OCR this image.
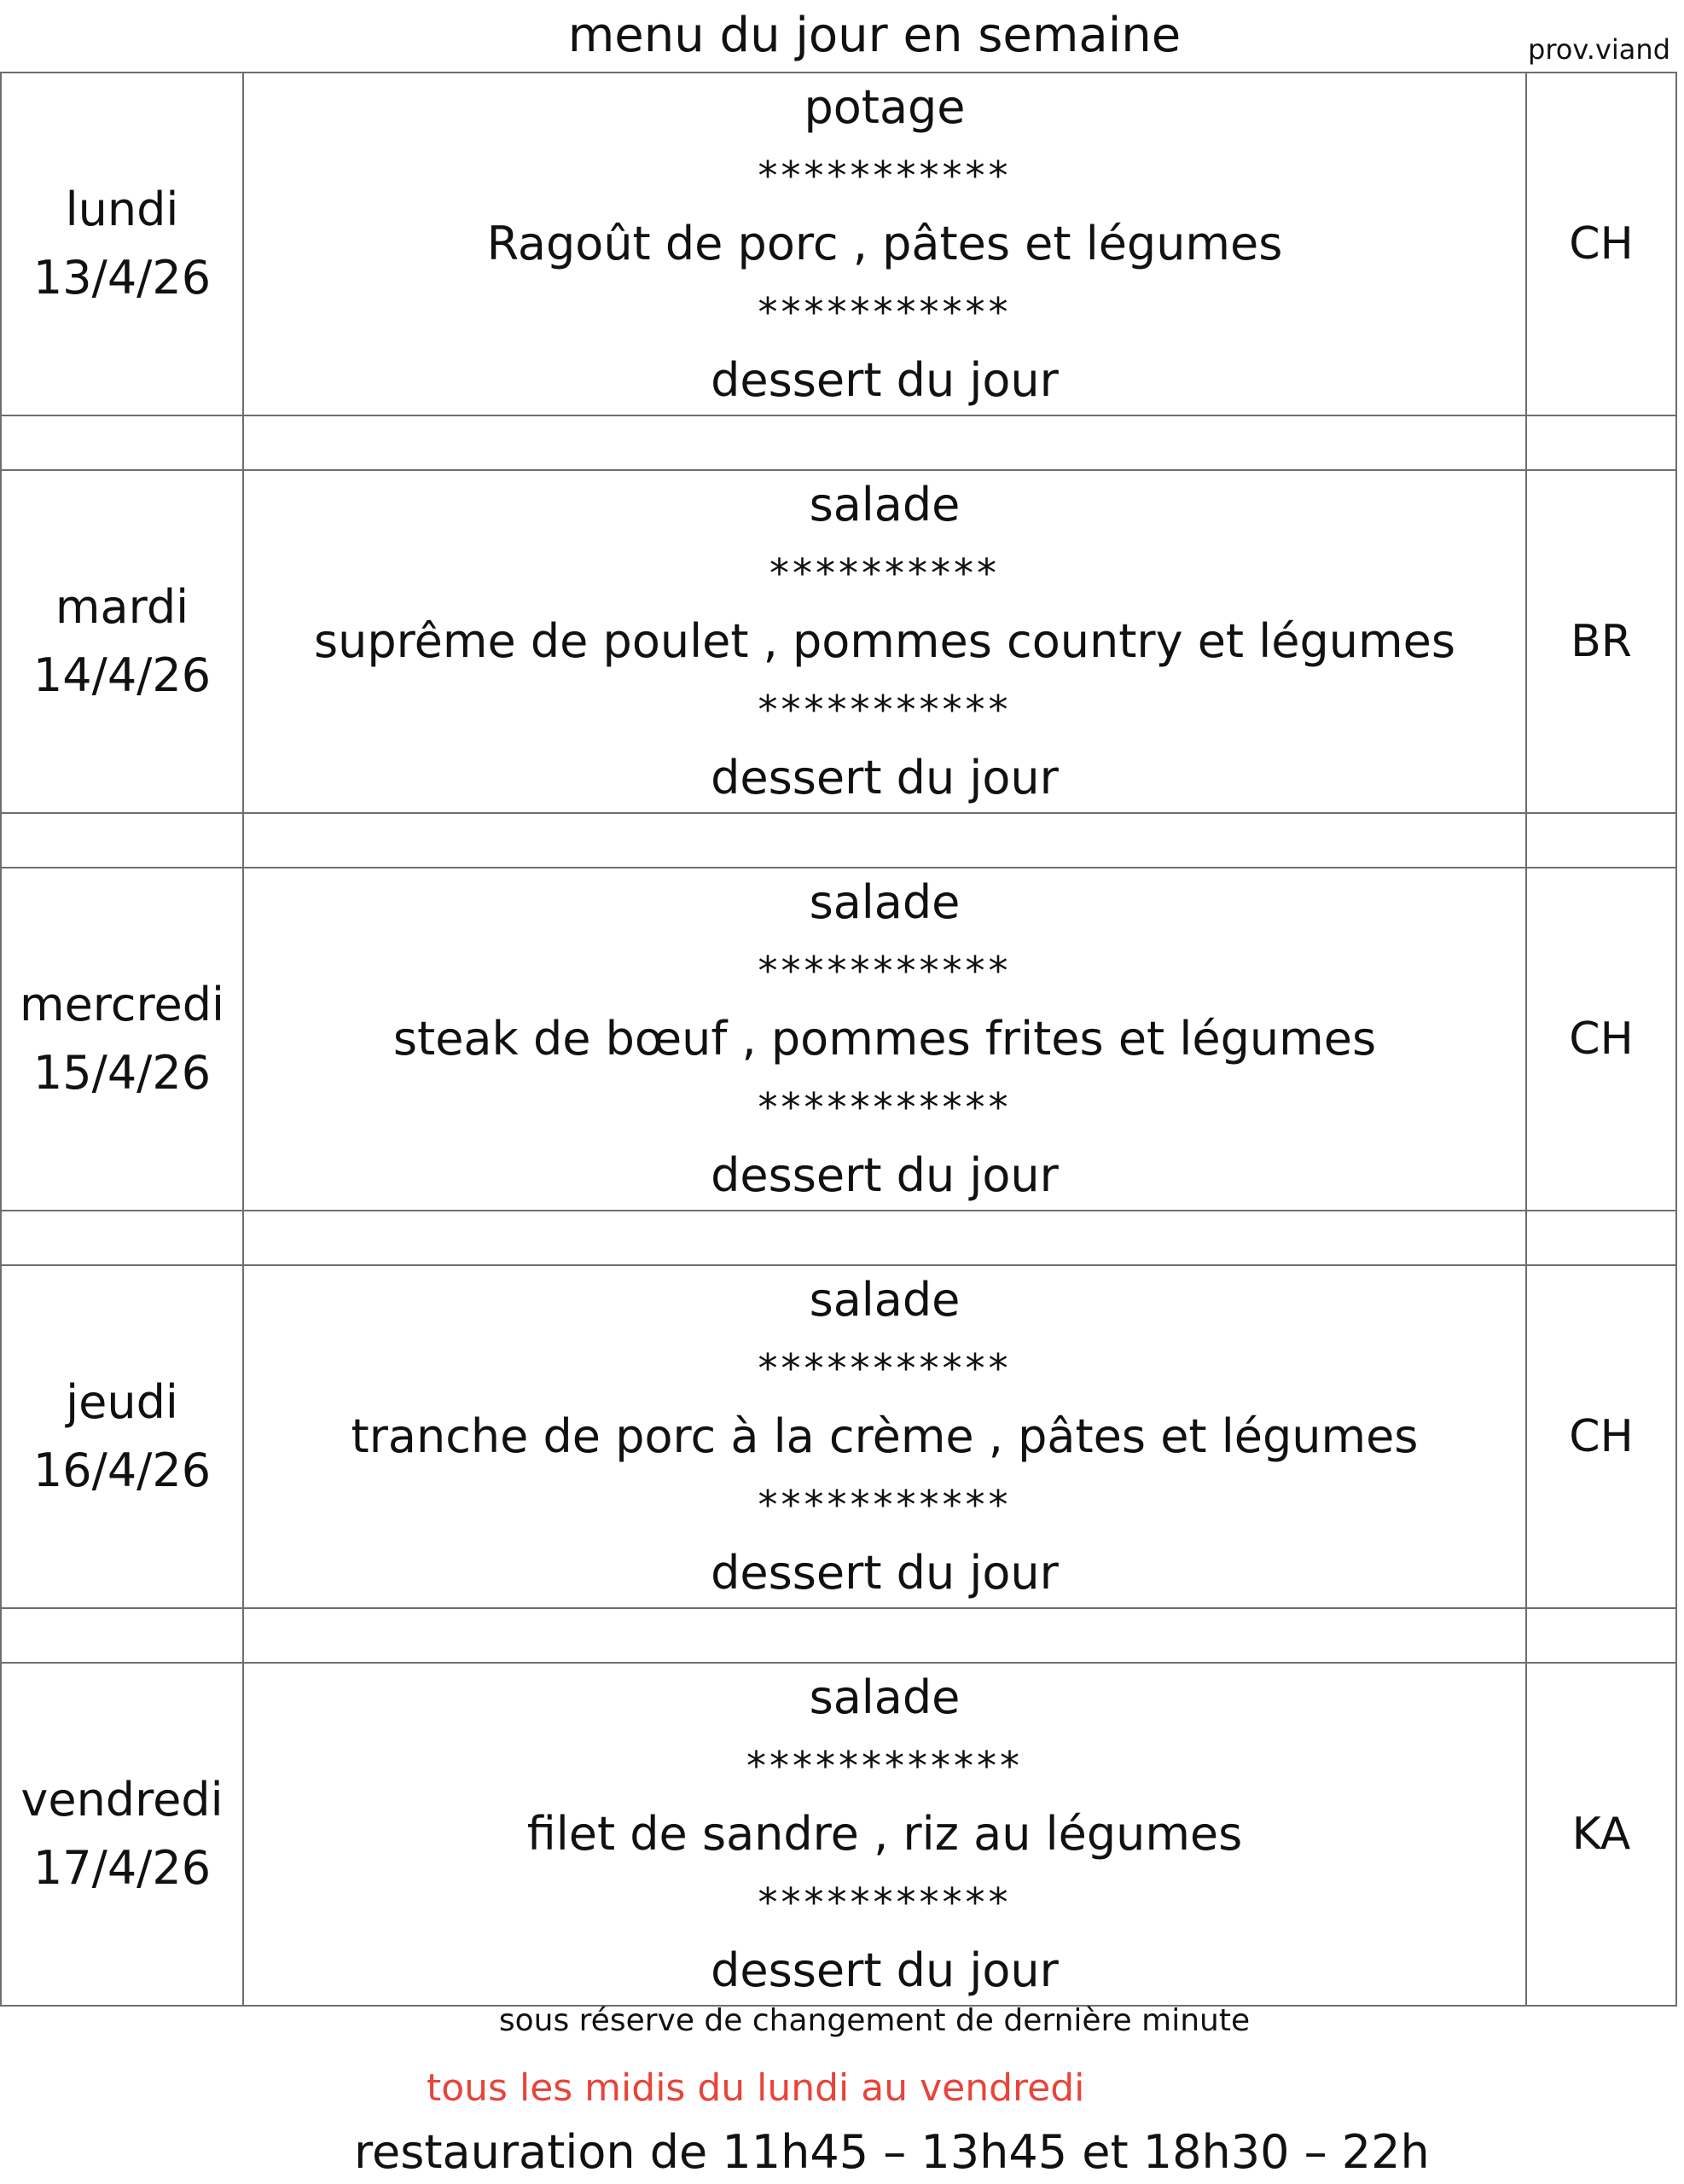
menu du jour en semaine	prov.viand
lundi
13/4/26	potage
***********
Ragoût de porc , pâtes et légumes
***********
dessert du jour	CH

mardi
14/4/26	salade
**********
suprême de poulet , pommes country et légumes
***********
dessert du jour	BR

mercredi
15/4/26	salade
***********
steak de bœuf , pommes frites et légumes
***********
dessert du jour	CH

jeudi
16/4/26	salade
***********
tranche de porc à la crème , pâtes et légumes
***********
dessert du jour	CH

vendredi
17/4/26	salade
************
filet de sandre , riz au légumes
***********
dessert du jour	KA
sous réserve de changement de dernière minute
tous les midis du lundi au vendredi
restauration de 11h45 – 13h45 et 18h30 – 22h
